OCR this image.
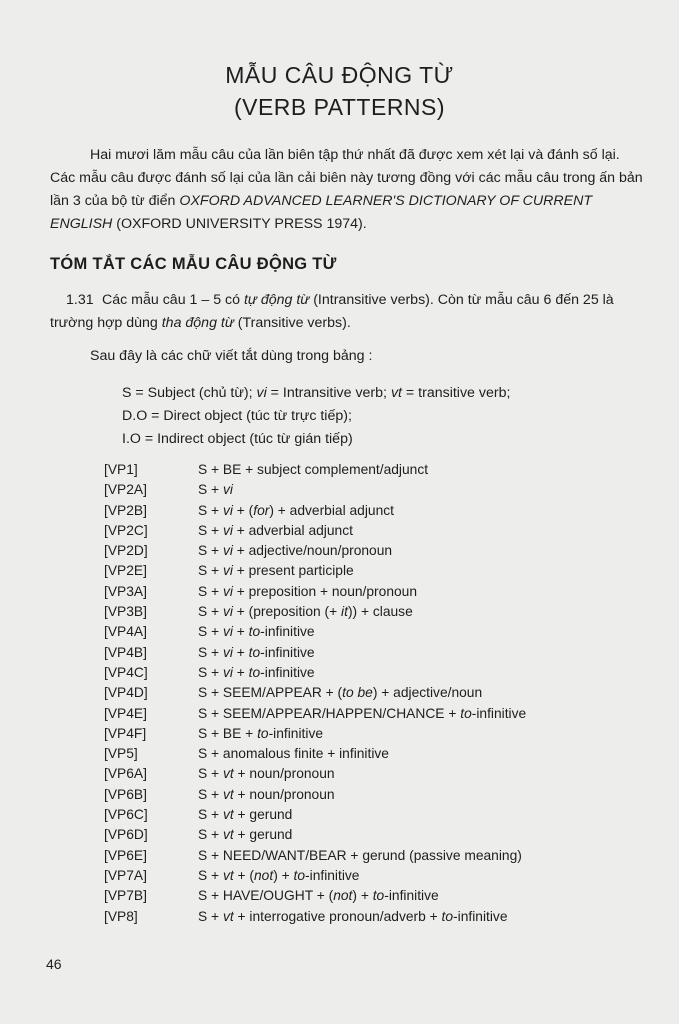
MẪU CÂU ĐỘNG TỪ
(VERB PATTERNS)

Hai mươi lăm mẫu câu của lần biên tập thứ nhất đã được xem xét lại và đánh số lại. Các mẫu câu được đánh số lại của lần cải biên này tương đồng với các mẫu câu trong ấn bản lần 3 của bộ từ điển OXFORD ADVANCED LEARNER'S DICTIONARY OF CURRENT ENGLISH (OXFORD UNIVERSITY PRESS 1974).

TÓM TẮT CÁC MẪU CÂU ĐỘNG TỪ
1.31 Các mẫu câu 1 – 5 có tự động từ (Intransitive verbs). Còn từ mẫu câu 6 đến 25 là trường hợp dùng tha động từ (Transitive verbs).
Sau đây là các chữ viết tắt dùng trong bảng :
S = Subject (chủ từ); vi = Intransitive verb; vt = transitive verb;
D.O = Direct object (túc từ trực tiếp);
I.O = Indirect object (túc từ gián tiếp)
[VP1]	S + BE + subject complement/adjunct
[VP2A]	S + vi
[VP2B]	S + vi + (for) + adverbial adjunct
[VP2C]	S + vi + adverbial adjunct
[VP2D]	S + vi + adjective/noun/pronoun
[VP2E]	S + vi + present participle
[VP3A]	S + vi + preposition + noun/pronoun
[VP3B]	S + vi + (preposition (+ it)) + clause
[VP4A]	S + vi + to-infinitive
[VP4B]	S + vi + to-infinitive
[VP4C]	S + vi + to-infinitive
[VP4D]	S + SEEM/APPEAR + (to be) + adjective/noun
[VP4E]	S + SEEM/APPEAR/HAPPEN/CHANCE + to-infinitive
[VP4F]	S + BE + to-infinitive
[VP5]	S + anomalous finite + infinitive
[VP6A]	S + vt + noun/pronoun
[VP6B]	S + vt + noun/pronoun
[VP6C]	S + vt + gerund
[VP6D]	S + vt + gerund
[VP6E]	S + NEED/WANT/BEAR + gerund (passive meaning)
[VP7A]	S + vt + (not) + to-infinitive
[VP7B]	S + HAVE/OUGHT + (not) + to-infinitive
[VP8]	S + vt + interrogative pronoun/adverb + to-infinitive
46
